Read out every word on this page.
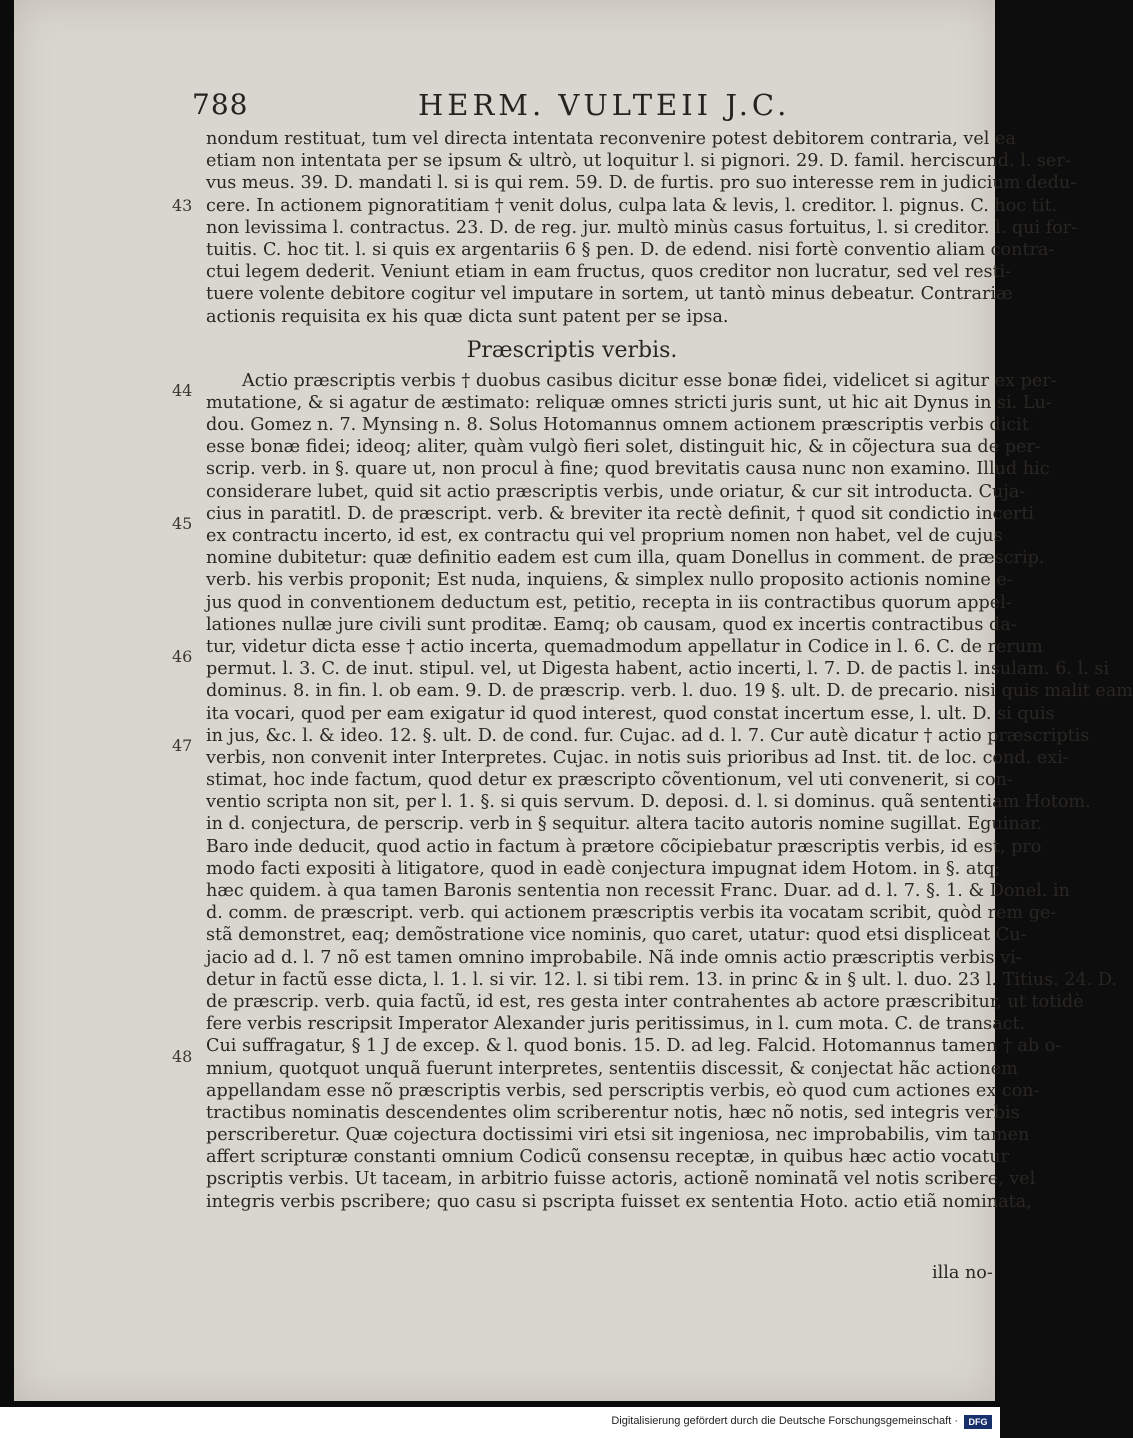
788	HERM. VULTEII J.C.
nondum restituat, tum vel directa intentata reconvenire potest debitorem contraria, vel ea
etiam non intentata per se ipsum & ultrò, ut loquitur l. si pignori. 29. D. famil. herciscund. l. ser-
vus meus. 39. D. mandati l. si is qui rem. 59. D. de furtis. pro suo interesse rem in judicium dedu-
cere. In actionem pignoratitiam † venit dolus, culpa lata & levis, l. creditor. l. pignus. C. hoc tit.
non levissima l. contractus. 23. D. de reg. jur. multò minùs casus fortuitus, l. si creditor. l. qui for-
tuitis. C. hoc tit. l. si quis ex argentariis 6 § pen. D. de edend. nisi fortè conventio aliam contra-
ctui legem dederit. Veniunt etiam in eam fructus, quos creditor non lucratur, sed vel resti-
tuere volente debitore cogitur vel imputare in sortem, ut tantò minus debeatur. Contrariæ
actionis requisita ex his quæ dicta sunt patent per se ipsa.
Præscriptis verbis.
Actio præscriptis verbis † duobus casibus dicitur esse bonæ fidei, videlicet si agitur ex per-
mutatione, & si agatur de æstimato: reliquæ omnes stricti juris sunt, ut hic ait Dynus in si. Lu-
dou. Gomez n. 7. Mynsing n. 8. Solus Hotomannus omnem actionem præscriptis verbis dicit
esse bonæ fidei; ideoq; aliter, quàm vulgò fieri solet, distinguit hic, & in cõjectura sua de per-
scrip. verb. in §. quare ut, non procul à fine; quod brevitatis causa nunc non examino. Illud hic
considerare lubet, quid sit actio præscriptis verbis, unde oriatur, & cur sit introducta. Cuja-
cius in paratitl. D. de præscript. verb. & breviter ita rectè definit, † quod sit condictio incerti
ex contractu incerto, id est, ex contractu qui vel proprium nomen non habet, vel de cujus
nomine dubitetur: quæ definitio eadem est cum illa, quam Donellus in comment. de præscrip.
verb. his verbis proponit; Est nuda, inquiens, & simplex nullo proposito actionis nomine e-
jus quod in conventionem deductum est, petitio, recepta in iis contractibus quorum appel-
lationes nullæ jure civili sunt proditæ. Eamq; ob causam, quod ex incertis contractibus da-
tur, videtur dicta esse † actio incerta, quemadmodum appellatur in Codice in l. 6. C. de rerum
permut. l. 3. C. de inut. stipul. vel, ut Digesta habent, actio incerti, l. 7. D. de pactis l. insulam. 6. l. si
dominus. 8. in fin. l. ob eam. 9. D. de præscrip. verb. l. duo. 19 §. ult. D. de precario. nisi quis malit eam
ita vocari, quod per eam exigatur id quod interest, quod constat incertum esse, l. ult. D. si quis
in jus, &c. l. & ideo. 12. §. ult. D. de cond. fur. Cujac. ad d. l. 7. Cur autè dicatur † actio præscriptis
verbis, non convenit inter Interpretes. Cujac. in notis suis prioribus ad Inst. tit. de loc. cond. exi-
stimat, hoc inde factum, quod detur ex præscripto cõventionum, vel uti convenerit, si con-
ventio scripta non sit, per l. 1. §. si quis servum. D. deposi. d. l. si dominus. quã sententiam Hotom.
in d. conjectura, de perscrip. verb in § sequitur. altera tacito autoris nomine sugillat. Eguinar.
Baro inde deducit, quod actio in factum à prætore cõcipiebatur præscriptis verbis, id est, pro
modo facti expositi à litigatore, quod in eadè conjectura impugnat idem Hotom. in §. atq;
hæc quidem. à qua tamen Baronis sententia non recessit Franc. Duar. ad d. l. 7. §. 1. & Donel. in
d. comm. de præscript. verb. qui actionem præscriptis verbis ita vocatam scribit, quòd rem ge-
stã demonstret, eaq; demõstratione vice nominis, quo caret, utatur: quod etsi displiceat Cu-
jacio ad d. l. 7 nõ est tamen omnino improbabile. Nã inde omnis actio præscriptis verbis vi-
detur in factũ esse dicta, l. 1. l. si vir. 12. l. si tibi rem. 13. in princ & in § ult. l. duo. 23 l. Titius. 24. D.
de præscrip. verb. quia factũ, id est, res gesta inter contrahentes ab actore præscribitur, ut totidè
fere verbis rescripsit Imperator Alexander juris peritissimus, in l. cum mota. C. de transact.
Cui suffragatur, § 1 J de excep. & l. quod bonis. 15. D. ad leg. Falcid. Hotomannus tamen † ab o-
mnium, quotquot unquã fuerunt interpretes, sententiis discessit, & conjectat hãc actionem
appellandam esse nõ præscriptis verbis, sed perscriptis verbis, eò quod cum actiones ex con-
tractibus nominatis descendentes olim scriberentur notis, hæc nõ notis, sed integris verbis
perscriberetur. Quæ cojectura doctissimi viri etsi sit ingeniosa, nec improbabilis, vim tamen
affert scripturæ constanti omnium Codicũ consensu receptæ, in quibus hæc actio vocatur
pscriptis verbis. Ut taceam, in arbitrio fuisse actoris, actionẽ nominatã vel notis scribere, vel
integris verbis pscribere; quo casu si pscripta fuisset ex sententia Hoto. actio etiã nominata,
43
44
45
46
47
48
illa no-
Digitalisierung gefördert durch die Deutsche Forschungsgemeinschaft ·	DFG
